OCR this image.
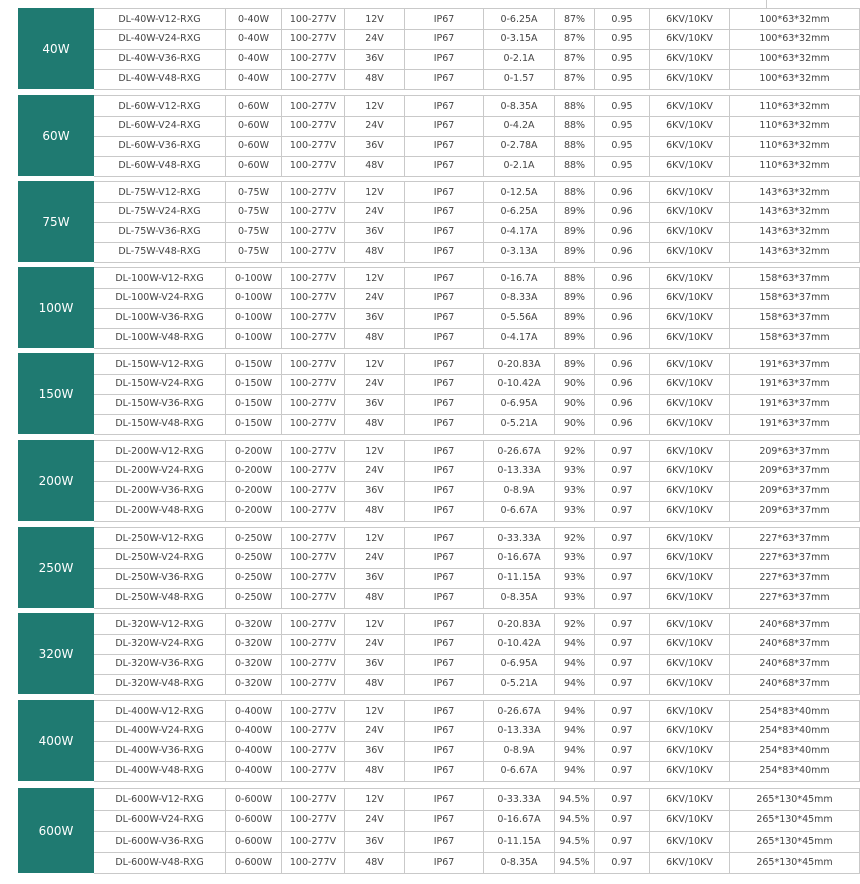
40W
DL-40W-V12-RXG	0-40W	100-277V	12V	IP67	0-6.25A	87%	0.95	6KV/10KV	100*63*32mm
DL-40W-V24-RXG	0-40W	100-277V	24V	IP67	0-3.15A	87%	0.95	6KV/10KV	100*63*32mm
DL-40W-V36-RXG	0-40W	100-277V	36V	IP67	0-2.1A	87%	0.95	6KV/10KV	100*63*32mm
DL-40W-V48-RXG	0-40W	100-277V	48V	IP67	0-1.57	87%	0.95	6KV/10KV	100*63*32mm
60W
DL-60W-V12-RXG	0-60W	100-277V	12V	IP67	0-8.35A	88%	0.95	6KV/10KV	110*63*32mm
DL-60W-V24-RXG	0-60W	100-277V	24V	IP67	0-4.2A	88%	0.95	6KV/10KV	110*63*32mm
DL-60W-V36-RXG	0-60W	100-277V	36V	IP67	0-2.78A	88%	0.95	6KV/10KV	110*63*32mm
DL-60W-V48-RXG	0-60W	100-277V	48V	IP67	0-2.1A	88%	0.95	6KV/10KV	110*63*32mm
75W
DL-75W-V12-RXG	0-75W	100-277V	12V	IP67	0-12.5A	88%	0.96	6KV/10KV	143*63*32mm
DL-75W-V24-RXG	0-75W	100-277V	24V	IP67	0-6.25A	89%	0.96	6KV/10KV	143*63*32mm
DL-75W-V36-RXG	0-75W	100-277V	36V	IP67	0-4.17A	89%	0.96	6KV/10KV	143*63*32mm
DL-75W-V48-RXG	0-75W	100-277V	48V	IP67	0-3.13A	89%	0.96	6KV/10KV	143*63*32mm
100W
DL-100W-V12-RXG	0-100W	100-277V	12V	IP67	0-16.7A	88%	0.96	6KV/10KV	158*63*37mm
DL-100W-V24-RXG	0-100W	100-277V	24V	IP67	0-8.33A	89%	0.96	6KV/10KV	158*63*37mm
DL-100W-V36-RXG	0-100W	100-277V	36V	IP67	0-5.56A	89%	0.96	6KV/10KV	158*63*37mm
DL-100W-V48-RXG	0-100W	100-277V	48V	IP67	0-4.17A	89%	0.96	6KV/10KV	158*63*37mm
150W
DL-150W-V12-RXG	0-150W	100-277V	12V	IP67	0-20.83A	89%	0.96	6KV/10KV	191*63*37mm
DL-150W-V24-RXG	0-150W	100-277V	24V	IP67	0-10.42A	90%	0.96	6KV/10KV	191*63*37mm
DL-150W-V36-RXG	0-150W	100-277V	36V	IP67	0-6.95A	90%	0.96	6KV/10KV	191*63*37mm
DL-150W-V48-RXG	0-150W	100-277V	48V	IP67	0-5.21A	90%	0.96	6KV/10KV	191*63*37mm
200W
DL-200W-V12-RXG	0-200W	100-277V	12V	IP67	0-26.67A	92%	0.97	6KV/10KV	209*63*37mm
DL-200W-V24-RXG	0-200W	100-277V	24V	IP67	0-13.33A	93%	0.97	6KV/10KV	209*63*37mm
DL-200W-V36-RXG	0-200W	100-277V	36V	IP67	0-8.9A	93%	0.97	6KV/10KV	209*63*37mm
DL-200W-V48-RXG	0-200W	100-277V	48V	IP67	0-6.67A	93%	0.97	6KV/10KV	209*63*37mm
250W
DL-250W-V12-RXG	0-250W	100-277V	12V	IP67	0-33.33A	92%	0.97	6KV/10KV	227*63*37mm
DL-250W-V24-RXG	0-250W	100-277V	24V	IP67	0-16.67A	93%	0.97	6KV/10KV	227*63*37mm
DL-250W-V36-RXG	0-250W	100-277V	36V	IP67	0-11.15A	93%	0.97	6KV/10KV	227*63*37mm
DL-250W-V48-RXG	0-250W	100-277V	48V	IP67	0-8.35A	93%	0.97	6KV/10KV	227*63*37mm
320W
DL-320W-V12-RXG	0-320W	100-277V	12V	IP67	0-20.83A	92%	0.97	6KV/10KV	240*68*37mm
DL-320W-V24-RXG	0-320W	100-277V	24V	IP67	0-10.42A	94%	0.97	6KV/10KV	240*68*37mm
DL-320W-V36-RXG	0-320W	100-277V	36V	IP67	0-6.95A	94%	0.97	6KV/10KV	240*68*37mm
DL-320W-V48-RXG	0-320W	100-277V	48V	IP67	0-5.21A	94%	0.97	6KV/10KV	240*68*37mm
400W
DL-400W-V12-RXG	0-400W	100-277V	12V	IP67	0-26.67A	94%	0.97	6KV/10KV	254*83*40mm
DL-400W-V24-RXG	0-400W	100-277V	24V	IP67	0-13.33A	94%	0.97	6KV/10KV	254*83*40mm
DL-400W-V36-RXG	0-400W	100-277V	36V	IP67	0-8.9A	94%	0.97	6KV/10KV	254*83*40mm
DL-400W-V48-RXG	0-400W	100-277V	48V	IP67	0-6.67A	94%	0.97	6KV/10KV	254*83*40mm
600W
DL-600W-V12-RXG	0-600W	100-277V	12V	IP67	0-33.33A	94.5%	0.97	6KV/10KV	265*130*45mm
DL-600W-V24-RXG	0-600W	100-277V	24V	IP67	0-16.67A	94.5%	0.97	6KV/10KV	265*130*45mm
DL-600W-V36-RXG	0-600W	100-277V	36V	IP67	0-11.15A	94.5%	0.97	6KV/10KV	265*130*45mm
DL-600W-V48-RXG	0-600W	100-277V	48V	IP67	0-8.35A	94.5%	0.97	6KV/10KV	265*130*45mm
